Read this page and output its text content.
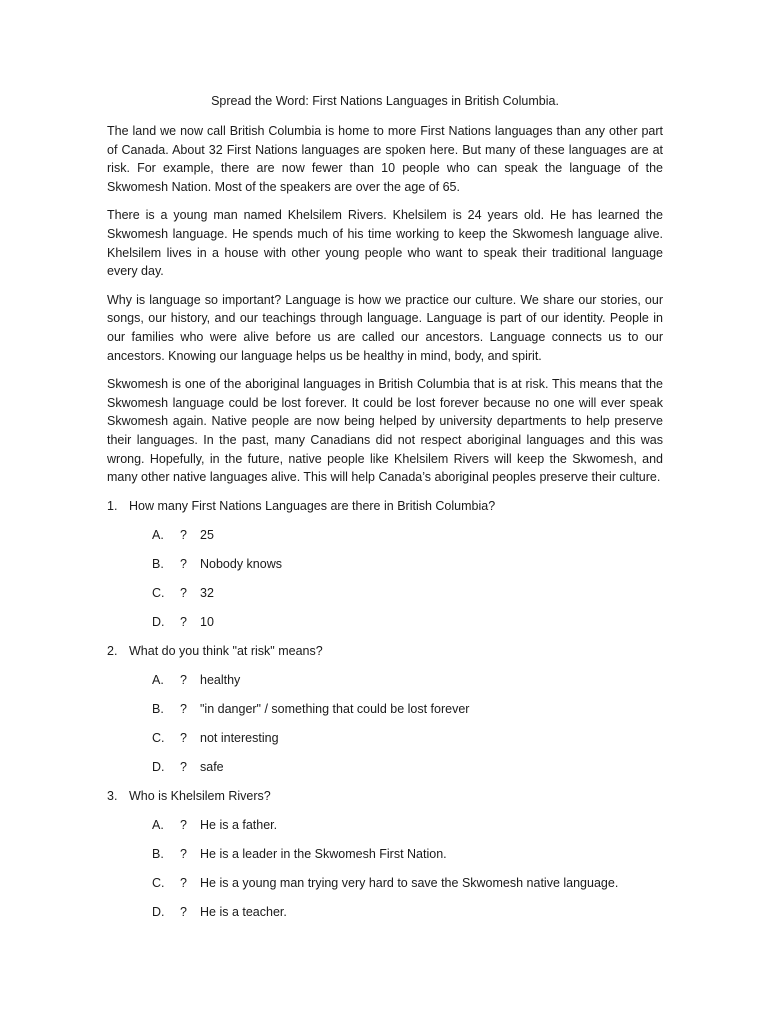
Spread the Word: First Nations Languages in British Columbia.

The land we now call British Columbia is home to more First Nations languages than any other part of Canada. About 32 First Nations languages are spoken here. But many of these languages are at risk. For example, there are now fewer than 10 people who can speak the language of the Skwomesh Nation. Most of the speakers are over the age of 65.

There is a young man named Khelsilem Rivers. Khelsilem is 24 years old. He has learned the Skwomesh language. He spends much of his time working to keep the Skwomesh language alive. Khelsilem lives in a house with other young people who want to speak their traditional language every day.

Why is language so important? Language is how we practice our culture. We share our stories, our songs, our history, and our teachings through language. Language is part of our identity. People in our families who were alive before us are called our ancestors. Language connects us to our ancestors. Knowing our language helps us be healthy in mind, body, and spirit.

Skwomesh is one of the aboriginal languages in British Columbia that is at risk. This means that the Skwomesh language could be lost forever. It could be lost forever because no one will ever speak Skwomesh again. Native people are now being helped by university departments to help preserve their languages. In the past, many Canadians did not respect aboriginal languages and this was wrong. Hopefully, in the future, native people like Khelsilem Rivers will keep the Skwomesh, and many other native languages alive. This will help Canada’s aboriginal peoples preserve their culture.

1. How many First Nations Languages are there in British Columbia?
A.	?	25
B.	?	Nobody knows
C.	?	32
D.	?	10
2. What do you think "at risk" means?
A.	?	healthy
B.	?	"in danger" / something that could be lost forever
C.	?	not interesting
D.	?	safe
3. Who is Khelsilem Rivers?
A.	?	He is a father.
B.	?	He is a leader in the Skwomesh First Nation.
C.	?	He is a young man trying very hard to save the Skwomesh native language.
D.	?	He is a teacher.
